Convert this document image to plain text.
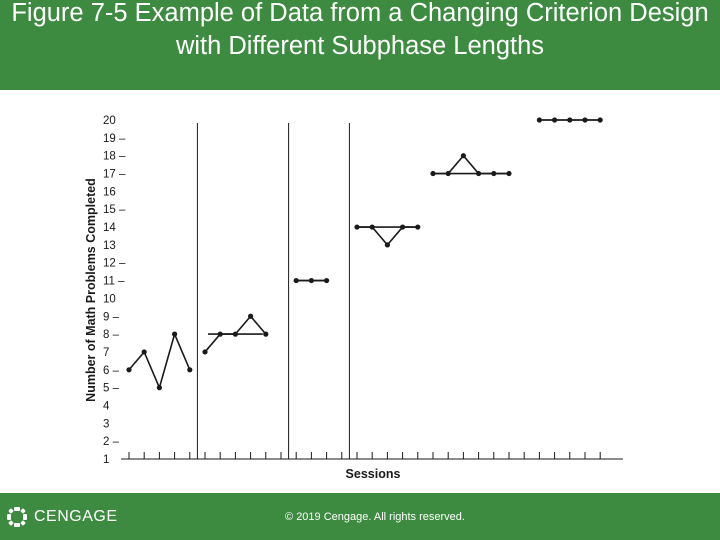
Figure 7-5 Example of Data from a Changing Criterion Design with Different Subphase Lengths
1
2 –
3
4
5 –
6 –
7
8 –
9 –
10
11 –
12 –
13
14
15 –
16
17 –
18 –
19 –
20
Number of Math Problems Completed
Sessions
CENGAGE	© 2019 Cengage. All rights reserved.
